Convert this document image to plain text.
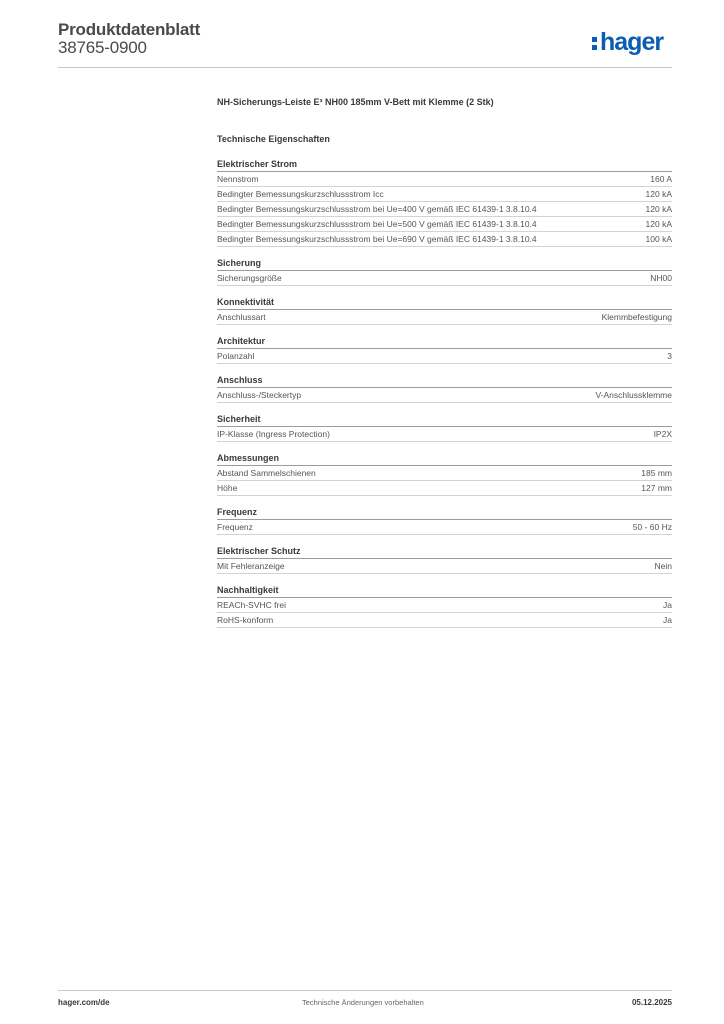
Produktdatenblatt
38765-0900	hager
NH-Sicherungs-Leiste E³ NH00 185mm V-Bett mit Klemme (2 Stk)
Technische Eigenschaften
Elektrischer Strom
Nennstrom	160 A
Bedingter Bemessungskurzschlussstrom Icc	120 kA
Bedingter Bemessungskurzschlussstrom bei Ue=400 V gemäß IEC 61439-1 3.8.10.4	120 kA
Bedingter Bemessungskurzschlussstrom bei Ue=500 V gemäß IEC 61439-1 3.8.10.4	120 kA
Bedingter Bemessungskurzschlussstrom bei Ue=690 V gemäß IEC 61439-1 3.8.10.4	100 kA
Sicherung
Sicherungsgröße	NH00
Konnektivität
Anschlussart	Klemmbefestigung
Architektur
Polanzahl	3
Anschluss
Anschluss-/Steckertyp	V-Anschlussklemme
Sicherheit
IP-Klasse (Ingress Protection)	IP2X
Abmessungen
Abstand Sammelschienen	185 mm
Höhe	127 mm
Frequenz
Frequenz	50 - 60 Hz
Elektrischer Schutz
Mit Fehleranzeige	Nein
Nachhaltigkeit
REACh-SVHC frei	Ja
RoHS-konform	Ja
hager.com/de	Technische Änderungen vorbehalten	05.12.2025
